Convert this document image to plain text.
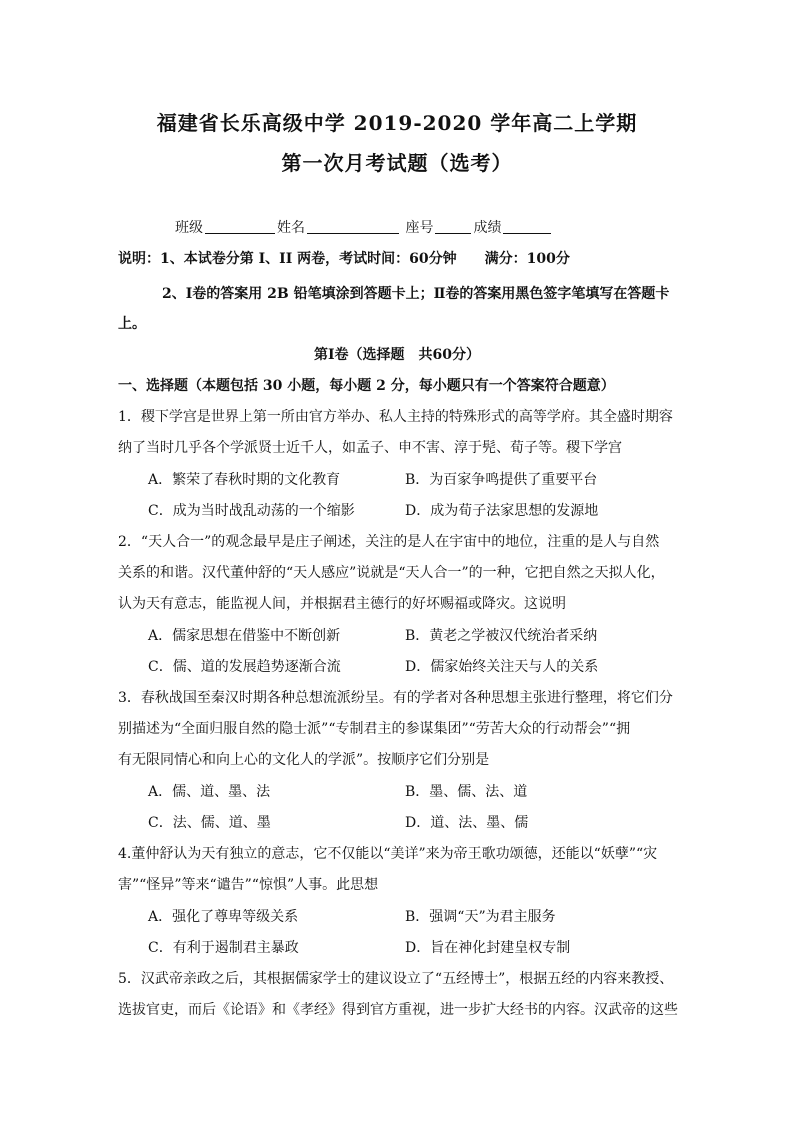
福建省长乐高级中学 2019-2020 学年高二上学期
第一次月考试题（选考）
班级	姓名	座号	成绩
说明：1、本试卷分第 I、II 两卷，考试时间：60分钟　　满分：100分
2、Ⅰ卷的答案用 2B 铅笔填涂到答题卡上；Ⅱ卷的答案用黑色签字笔填写在答题卡
上。
第Ⅰ卷（选择题　共60分）
一、选择题（本题包括 30 小题，每小题 2 分，每小题只有一个答案符合题意）
1．稷下学宫是世界上第一所由官方举办、私人主持的特殊形式的高等学府。其全盛时期容
纳了当时几乎各个学派贤士近千人，如孟子、申不害、淳于髡、荀子等。稷下学宫
A．繁荣了春秋时期的文化教育	B．为百家争鸣提供了重要平台
C．成为当时战乱动荡的一个缩影	D．成为荀子法家思想的发源地
2．“天人合一”的观念最早是庄子阐述，关注的是人在宇宙中的地位，注重的是人与自然
关系的和谐。汉代董仲舒的“天人感应”说就是“天人合一”的一种，它把自然之天拟人化，
认为天有意志，能监视人间，并根据君主德行的好坏赐福或降灾。这说明
A．儒家思想在借鉴中不断创新	B．黄老之学被汉代统治者采纳
C．儒、道的发展趋势逐渐合流	D．儒家始终关注天与人的关系
3．春秋战国至秦汉时期各种总想流派纷呈。有的学者对各种思想主张进行整理，将它们分
别描述为“全面归服自然的隐士派”“专制君主的参谋集团”“劳苦大众的行动帮会”“拥
有无限同情心和向上心的文化人的学派”。按顺序它们分别是
A．儒、道、墨、法	B．墨、儒、法、道
C．法、儒、道、墨	D．道、法、墨、儒
4.董仲舒认为天有独立的意志，它不仅能以“美详”来为帝王歌功颂德，还能以“妖孽”“灾
害”“怪异”等来“谴告”“惊惧”人事。此思想
A．强化了尊卑等级关系	B．强调“天”为君主服务
C．有利于遏制君主暴政	D．旨在神化封建皇权专制
5．汉武帝亲政之后，其根据儒家学士的建议设立了“五经博士”，根据五经的内容来教授、
选拔官吏，而后《论语》和《孝经》得到官方重视，进一步扩大经书的内容。汉武帝的这些
